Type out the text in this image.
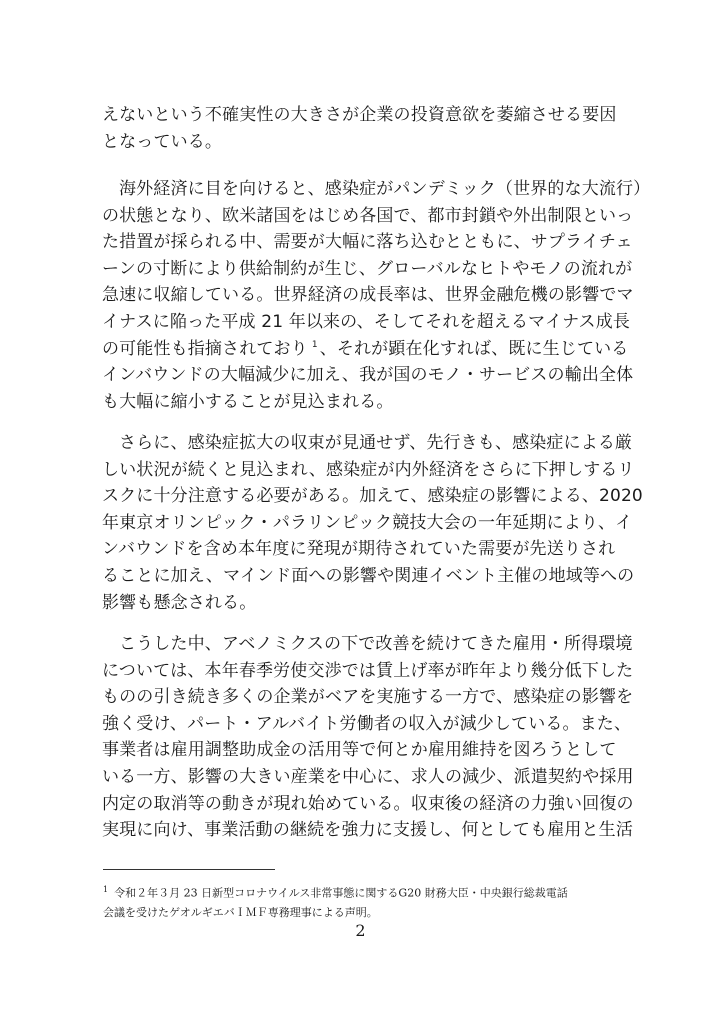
えないという不確実性の大きさが企業の投資意欲を萎縮させる要因
となっている。

海外経済に目を向けると、感染症がパンデミック（世界的な大流行）
の状態となり、欧米諸国をはじめ各国で、都市封鎖や外出制限といっ
た措置が採られる中、需要が大幅に落ち込むとともに、サプライチェ
ーンの寸断により供給制約が生じ、グローバルなヒトやモノの流れが
急速に収縮している。世界経済の成長率は、世界金融危機の影響でマ
イナスに陥った平成 21 年以来の、そしてそれを超えるマイナス成長
の可能性も指摘されており $^1$ 、それが顕在化すれば、既に生じている
インバウンドの大幅減少に加え、我が国のモノ・サービスの輸出全体
も大幅に縮小することが見込まれる。

さらに、感染症拡大の収束が見通せず、先行きも、感染症による厳
しい状況が続くと見込まれ、感染症が内外経済をさらに下押しするリ
スクに十分注意する必要がある。加えて、感染症の影響による、2020
年東京オリンピック・パラリンピック競技大会の一年延期により、イ
ンバウンドを含め本年度に発現が期待されていた需要が先送りされ
ることに加え、マインド面への影響や関連イベント主催の地域等への
影響も懸念される。

こうした中、アベノミクスの下で改善を続けてきた雇用・所得環境
については、本年春季労使交渉では賃上げ率が昨年より幾分低下した
ものの引き続き多くの企業がベアを実施する一方で、感染症の影響を
強く受け、パート・アルバイト労働者の収入が減少している。また、
事業者は雇用調整助成金の活用等で何とか雇用維持を図ろうとして
いる一方、影響の大きい産業を中心に、求人の減少、派遣契約や採用
内定の取消等の動きが現れ始めている。収束後の経済の力強い回復の
実現に向け、事業活動の継続を強力に支援し、何としても雇用と生活

$^1$ 令和２年３月 23 日新型コロナウイルス非常事態に関するG20 財務大臣・中央銀行総裁電話
会議を受けたゲオルギエバＩＭＦ専務理事による声明。
2
